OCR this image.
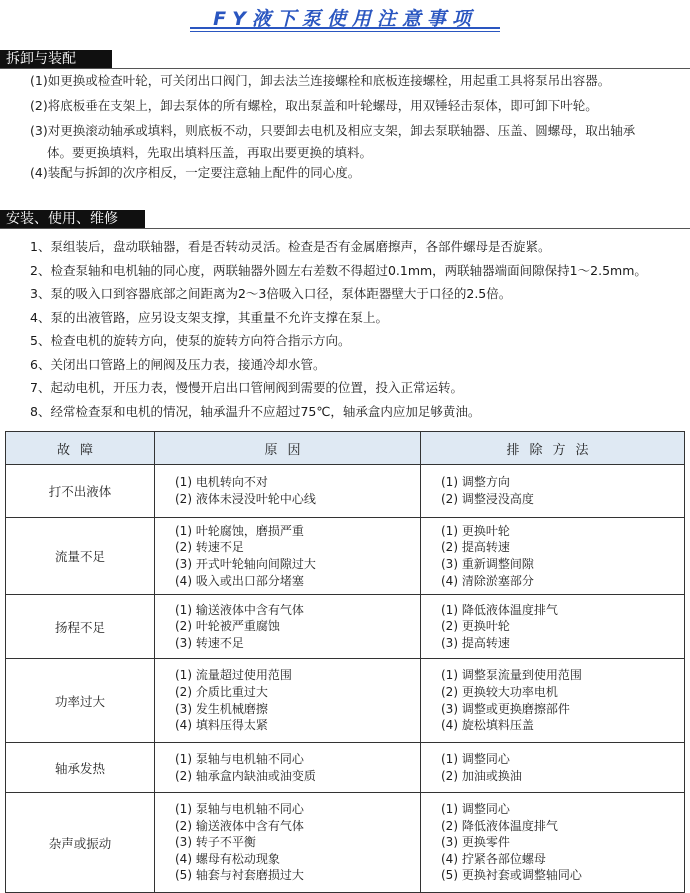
FY液下泵使用注意事项
拆卸与装配
(1)如更换或检查叶轮，可关闭出口阀门，卸去法兰连接螺栓和底板连接螺栓，用起重工具将泵吊出容器。
(2)将底板垂在支架上，卸去泵体的所有螺栓，取出泵盖和叶轮螺母，用双锤轻击泵体，即可卸下叶轮。
(3)对更换滚动轴承或填料，则底板不动，只要卸去电机及相应支架，卸去泵联轴器、压盖、圆螺母，取出轴承
体。要更换填料，先取出填料压盖，再取出要更换的填料。
(4)装配与拆卸的次序相反，一定要注意轴上配件的同心度。
安装、使用、维修
1、泵组装后，盘动联轴器，看是否转动灵活。检查是否有金属磨擦声，各部件螺母是否旋紧。
2、检查泵轴和电机轴的同心度，两联轴器外圆左右差数不得超过0.1mm，两联轴器端面间隙保持1～2.5mm。
3、泵的吸入口到容器底部之间距离为2～3倍吸入口径，泵体距器壁大于口径的2.5倍。
4、泵的出液管路，应另设支架支撑，其重量不允许支撑在泵上。
5、检查电机的旋转方向，使泵的旋转方向符合指示方向。
6、关闭出口管路上的闸阀及压力表，接通冷却水管。
7、起动电机，开压力表，慢慢开启出口管闸阀到需要的位置，投入正常运转。
8、经常检查泵和电机的情况，轴承温升不应超过75℃，轴承盒内应加足够黄油。
故障	原因	排除方法
打不出液体	(1) 电机转向不对
(2) 液体未浸没叶轮中心线	(1) 调整方向
(2) 调整浸没高度

流量不足	(1) 叶轮腐蚀，磨损严重
(2) 转速不足
(3) 开式叶轮轴向间隙过大
(4) 吸入或出口部分堵塞	(1) 更换叶轮
(2) 提高转速
(3) 重新调整间隙
(4) 清除淤塞部分

扬程不足	(1) 输送液体中含有气体
(2) 叶轮被严重腐蚀
(3) 转速不足	(1) 降低液体温度排气
(2) 更换叶轮
(3) 提高转速

功率过大	(1) 流量超过使用范围
(2) 介质比重过大
(3) 发生机械磨擦
(4) 填料压得太紧	(1) 调整泵流量到使用范围
(2) 更换较大功率电机
(3) 调整或更换磨擦部件
(4) 旋松填料压盖

轴承发热	(1) 泵轴与电机轴不同心
(2) 轴承盒内缺油或油变质	(1) 调整同心
(2) 加油或换油

杂声或振动	(1) 泵轴与电机轴不同心
(2) 输送液体中含有气体
(3) 转子不平衡
(4) 螺母有松动现象
(5) 轴套与衬套磨损过大	(1) 调整同心
(2) 降低液体温度排气
(3) 更换零件
(4) 拧紧各部位螺母
(5) 更换衬套或调整轴同心
